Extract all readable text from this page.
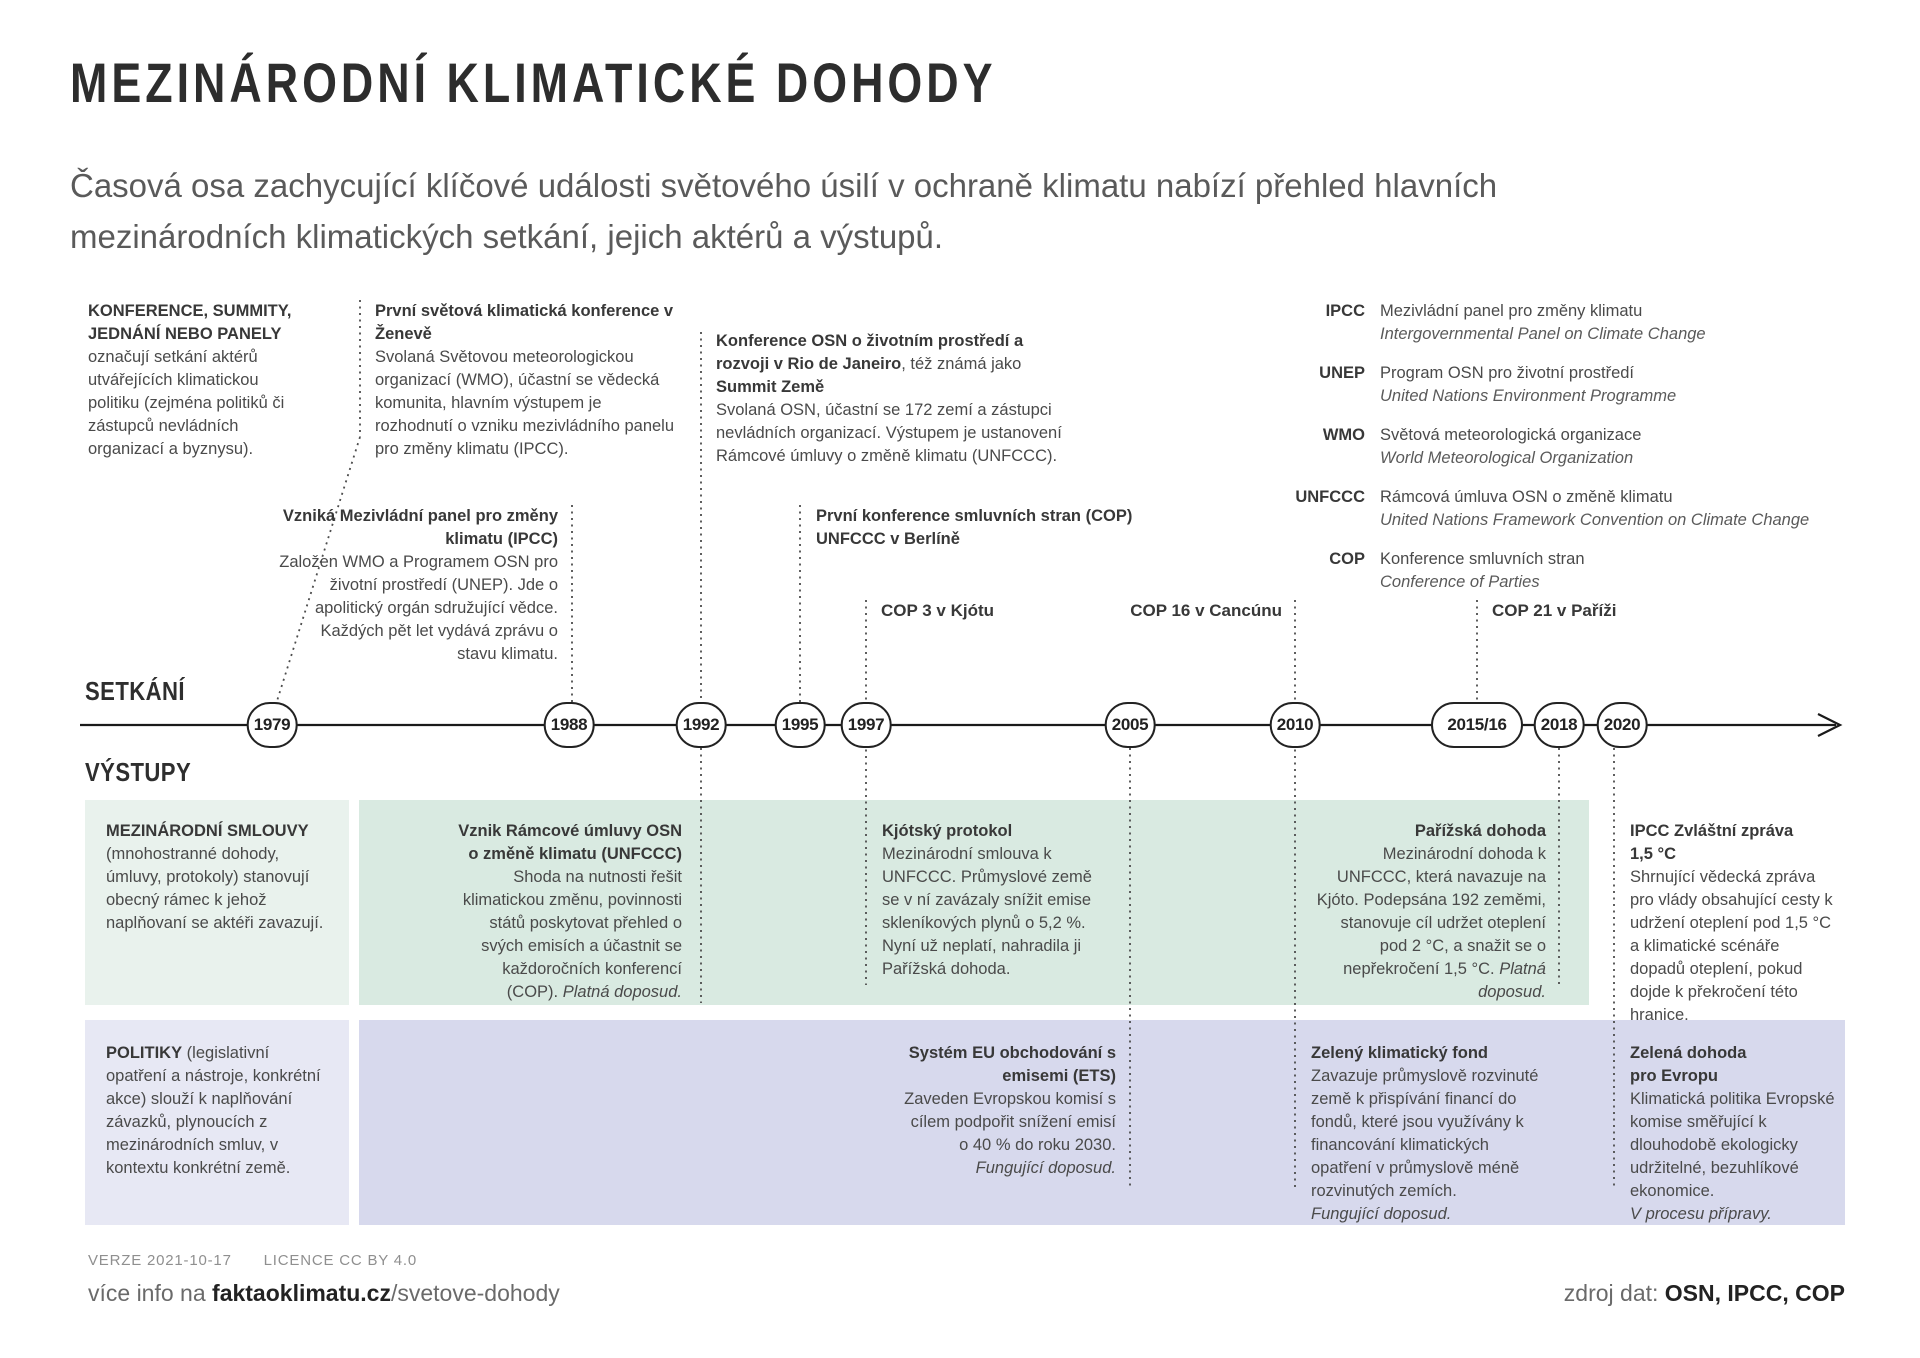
MEZINÁRODNÍ KLIMATICKÉ DOHODY
Časová osa zachycující klíčové události světového úsilí v ochraně klimatu nabízí přehled hlavních mezinárodních klimatických setkání, jejich aktérů a výstupů.
KONFERENCE, SUMMITY, JEDNÁNÍ NEBO PANELY označují setkání aktérů utvářejících klimatickou politiku (zejména politiků či zástupců nevládních organizací a byznysu).
První světová klimatická konference v Ženevě
Svolaná Světovou meteorologickou organizací (WMO), účastní se vědecká komunita, hlavním výstupem je rozhodnutí o vzniku mezivládního panelu pro změny klimatu (IPCC).
Vzniká Mezivládní panel pro změny klimatu (IPCC)
Založen WMO a Programem OSN pro životní prostředí (UNEP). Jde o apolitický orgán sdružující vědce. Každých pět let vydává zprávu o stavu klimatu.
Konference OSN o životním prostředí a rozvoji v Rio de Janeiro, též známá jako
Summit Země
Svolaná OSN, účastní se 172 zemí a zástupci nevládních organizací. Výstupem je ustanovení Rámcové úmluvy o změně klimatu (UNFCCC).
První konference smluvních stran (COP)
UNFCCC v Berlíně
COP 3 v Kjótu	COP 16 v Cancúnu	COP 21 v Paříži
IPCC Mezivládní panel pro změny klimatu
Intergovernmental Panel on Climate Change
UNEP Program OSN pro životní prostředí
United Nations Environment Programme
WMO Světová meteorologická organizace
World Meteorological Organization
UNFCCC Rámcová úmluva OSN o změně klimatu
United Nations Framework Convention on Climate Change
COP Konference smluvních stran
Conference of Parties
SETKÁNÍ
VÝSTUPY
1979	1988	1992	1995	1997	2005	2010	2015/16	2018	2020
MEZINÁRODNÍ SMLOUVY (mnohostranné dohody, úmluvy, protokoly) stanovují obecný rámec k jehož naplňovaní se aktéři zavazují.
Vznik Rámcové úmluvy OSN o změně klimatu (UNFCCC)
Shoda na nutnosti řešit klimatickou změnu, povinnosti států poskytovat přehled o svých emisích a účastnit se každoročních konferencí (COP). Platná doposud.
Kjótský protokol
Mezinárodní smlouva k UNFCCC. Průmyslové země se v ní zavázaly snížit emise skleníkových plynů o 5,2 %. Nyní už neplatí, nahradila ji Pařížská dohoda.
Pařížská dohoda
Mezinárodní dohoda k UNFCCC, která navazuje na Kjóto. Podepsána 192 zeměmi, stanovuje cíl udržet oteplení pod 2 °C, a snažit se o nepřekročení 1,5 °C. Platná doposud.
IPCC Zvláštní zpráva 1,5 °C
Shrnující vědecká zpráva pro vlády obsahující cesty k udržení oteplení pod 1,5 °C a klimatické scénáře dopadů oteplení, pokud dojde k překročení této hranice.
POLITIKY (legislativní opatření a nástroje, konkrétní akce) slouží k naplňování závazků, plynoucích z mezinárodních smluv, v kontextu konkrétní země.
Systém EU obchodování s emisemi (ETS)
Zaveden Evropskou komisí s cílem podpořit snížení emisí o 40 % do roku 2030.
Fungující doposud.
Zelený klimatický fond
Zavazuje průmyslově rozvinuté země k přispívání financí do fondů, které jsou využívány k financování klimatických opatření v průmyslově méně rozvinutých zemích.
Fungující doposud.
Zelená dohoda pro Evropu
Klimatická politika Evropské komise směřující k dlouhodobě ekologicky udržitelné, bezuhlíkové ekonomice.
V procesu přípravy.
VERZE 2021-10-17 LICENCE CC BY 4.0
více info na faktaoklimatu.cz/svetove-dohody	zdroj dat: OSN, IPCC, COP
